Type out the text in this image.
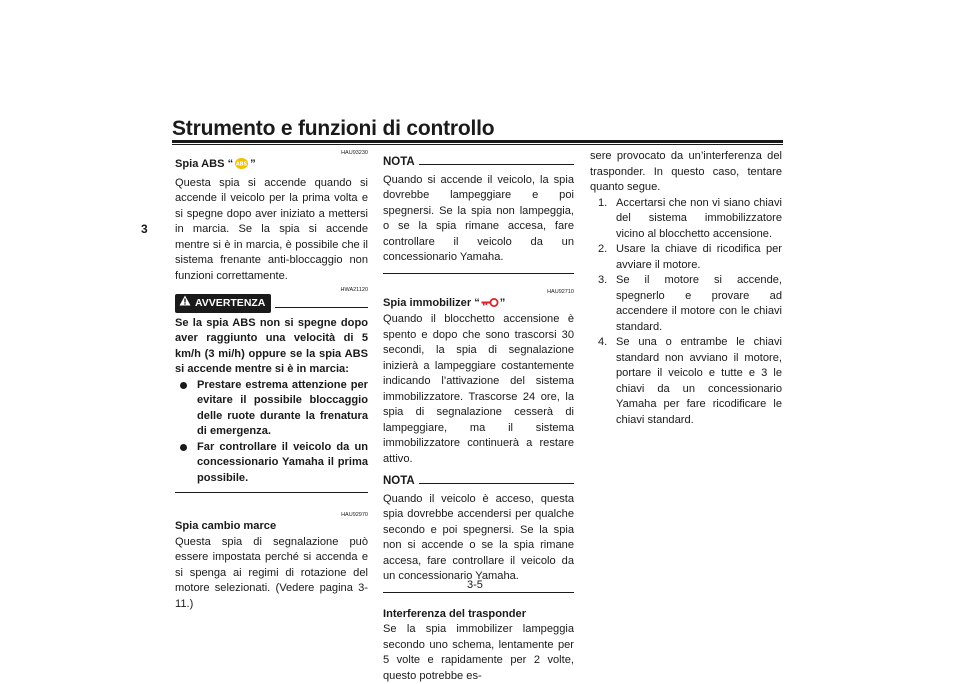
Strumento e funzioni di controllo
3

HAU93230

Spia ABS “ ABS ”

Questa spia si accende quando si accende il veicolo per la prima volta e si spegne dopo aver iniziato a mettersi in marcia. Se la spia si accende mentre si è in marcia, è possibile che il sistema frenante anti-bloccaggio non funzioni correttamente.

HWA21120

AVVERTENZA

Se la spia ABS non si spegne dopo aver raggiunto una velocità di 5 km/h (3 mi/h) oppure se la spia ABS si accende mentre si è in marcia:

Prestare estrema attenzione per evitare il possibile bloccaggio delle ruote durante la frenatura di emergenza.
Far controllare il veicolo da un concessionario Yamaha il prima possibile.

HAU92970

Spia cambio marce

Questa spia di segnalazione può essere impostata perché si accenda e si spenga ai regimi di rotazione del motore selezionati. (Vedere pagina 3-11.)

NOTA

Quando si accende il veicolo, la spia dovrebbe lampeggiare e poi spegnersi. Se la spia non lampeggia, o se la spia rimane accesa, fare controllare il veicolo da un concessionario Yamaha.

HAU92710

Spia immobilizer “ ”

Quando il blocchetto accensione è spento e dopo che sono trascorsi 30 secondi, la spia di segnalazione inizierà a lampeggiare costantemente indicando l’attivazione del sistema immobilizzatore. Trascorse 24 ore, la spia di segnalazione cesserà di lampeggiare, ma il sistema immobilizzatore continuerà a restare attivo.

NOTA

Quando il veicolo è acceso, questa spia dovrebbe accendersi per qualche secondo e poi spegnersi. Se la spia non si accende o se la spia rimane accesa, fare controllare il veicolo da un concessionario Yamaha.

Interferenza del trasponder

Se la spia immobilizer lampeggia secondo uno schema, lentamente per 5 volte e rapidamente per 2 volte, questo potrebbe es-

sere provocato da un’interferenza del trasponder. In questo caso, tentare quanto segue.

1. Accertarsi che non vi siano chiavi del sistema immobilizzatore vicino al blocchetto accensione.
2. Usare la chiave di ricodifica per avviare il motore.
3. Se il motore si accende, spegnerlo e provare ad accendere il motore con le chiavi standard.
4. Se una o entrambe le chiavi standard non avviano il motore, portare il veicolo e tutte e 3 le chiavi da un concessionario Yamaha per fare ricodificare le chiavi standard.
3-5
